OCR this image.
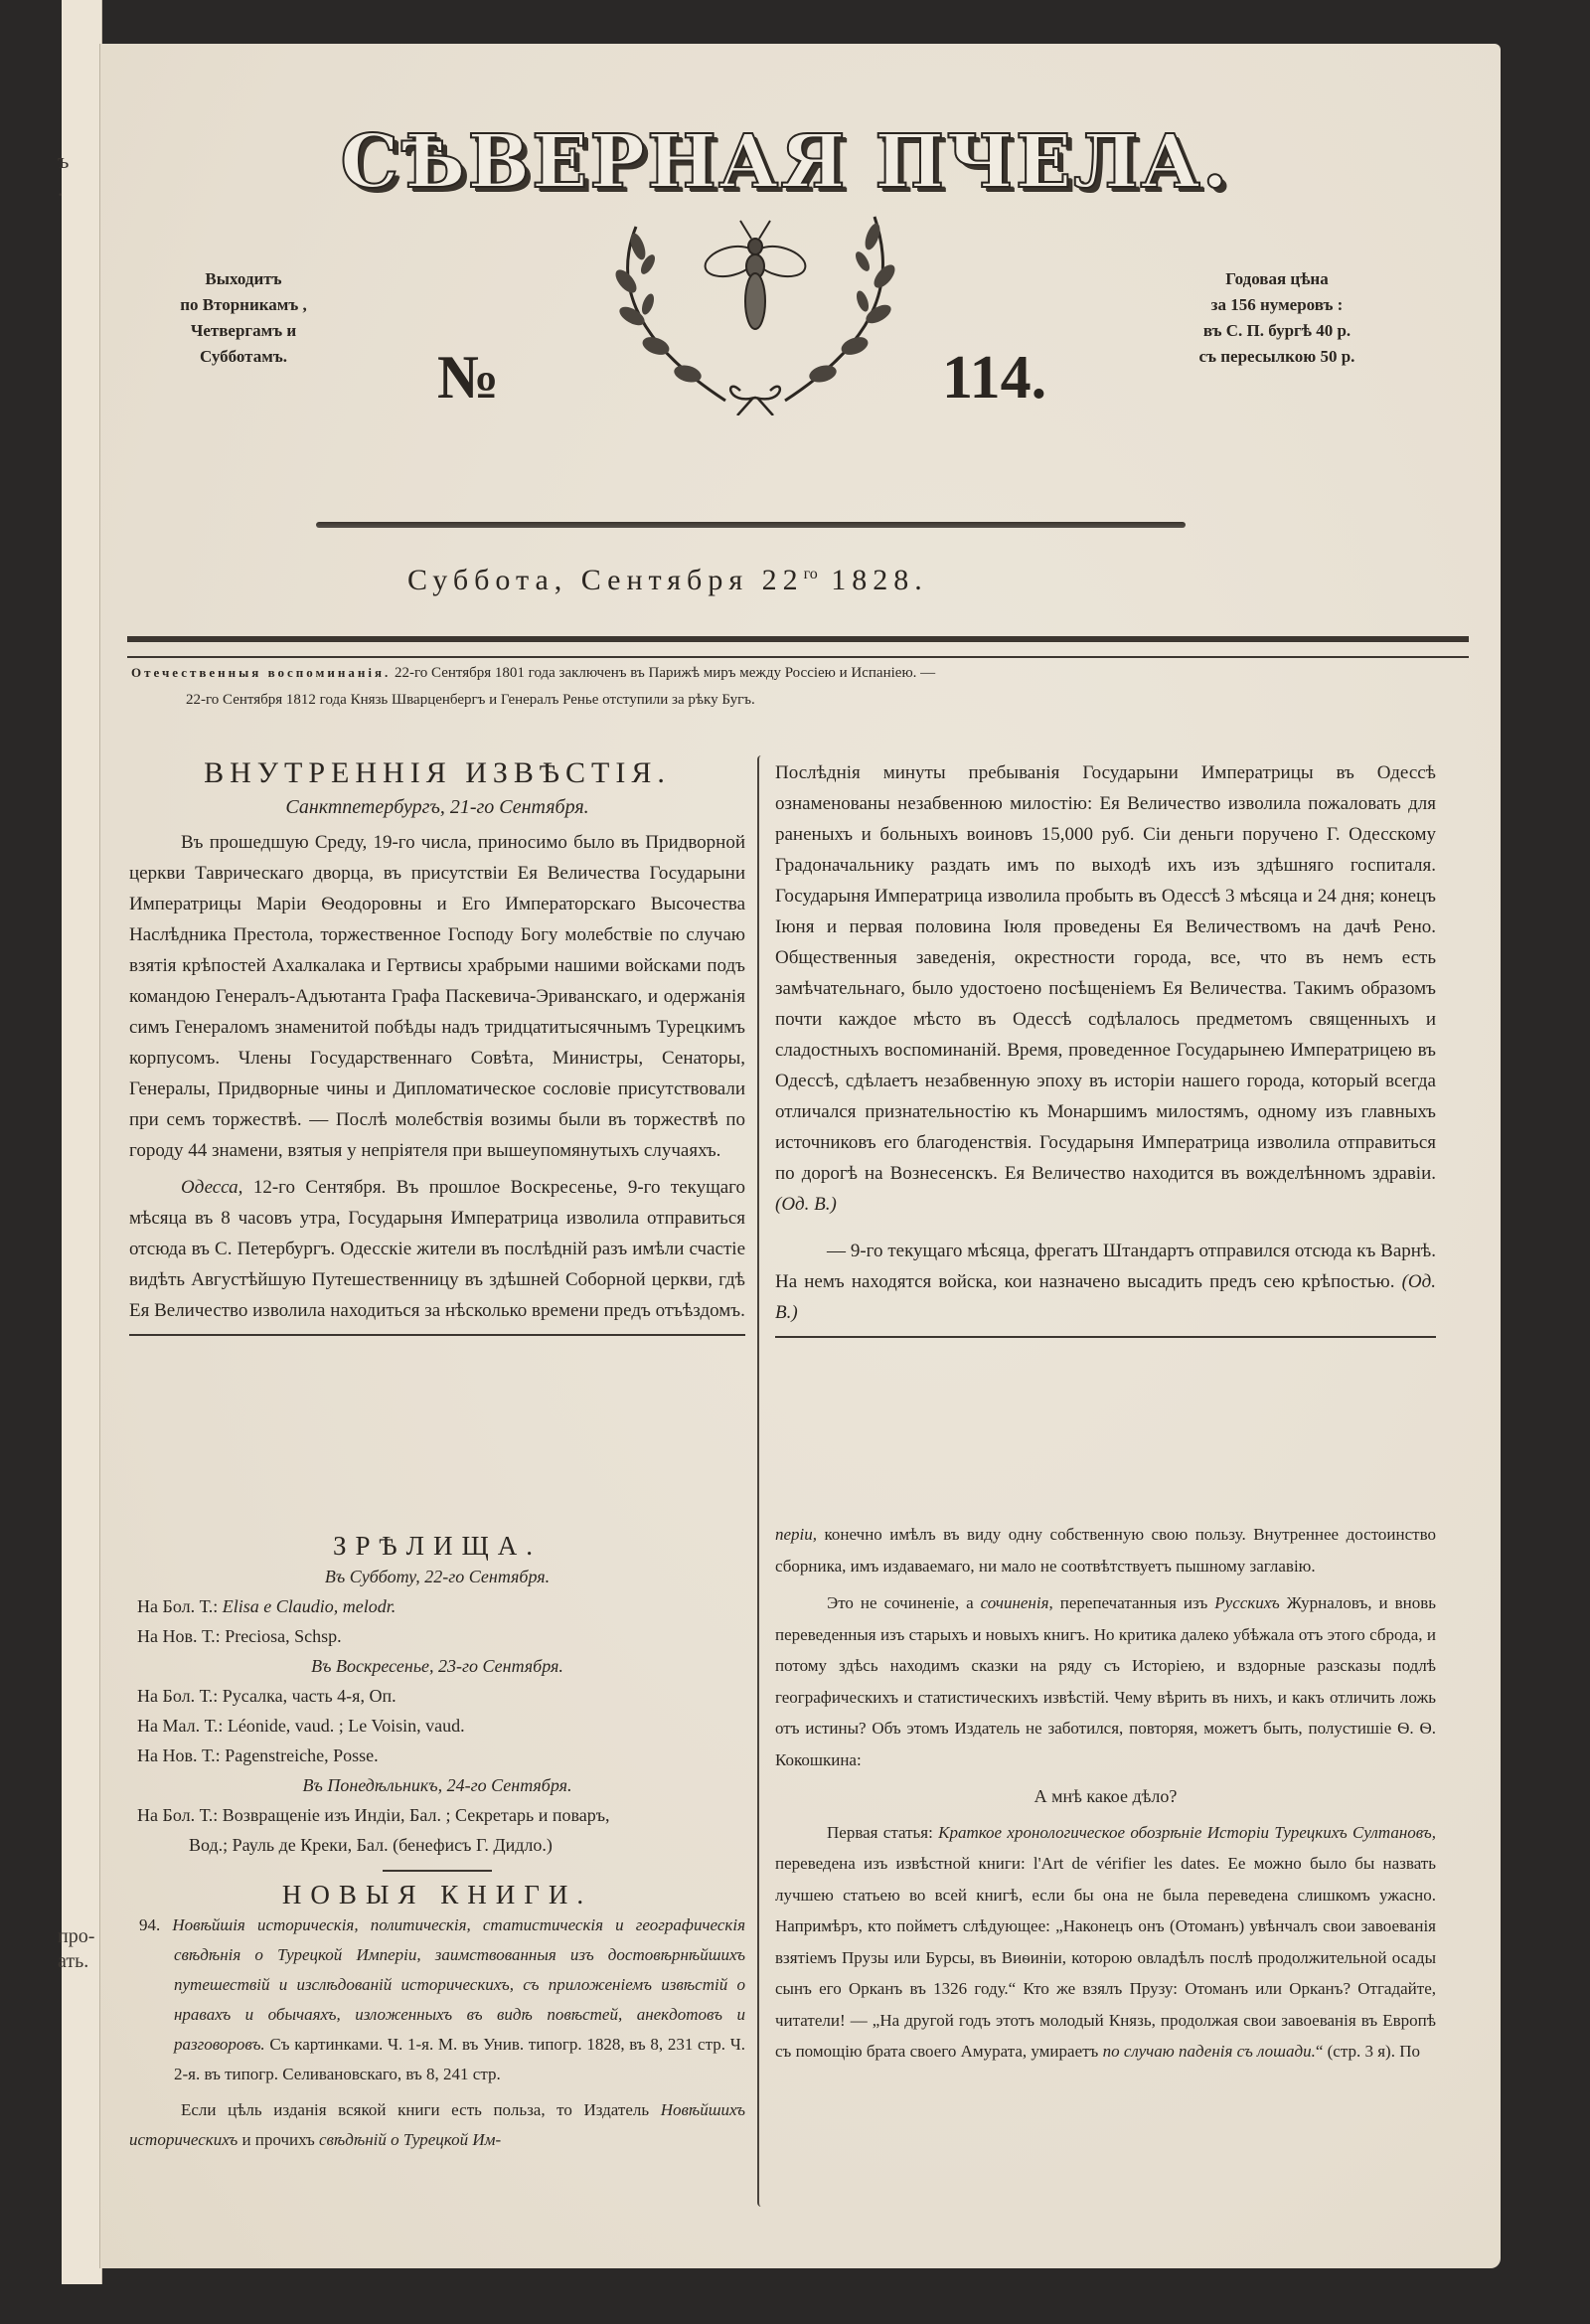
ъ
.
про-
ать.
СѢВЕРНАЯ ПЧЕЛА.
Выходитъ
по Вторникамъ ,
Четвергамъ и
Субботамъ.
Годовая цѣна
за 156 нумеровъ :
въ С. П. бургѣ 40 р.
съ пересылкою 50 р.
№	114.
Суббота, Сентября $22^{го}$ 1828.
Отечественныя воспоминанія. 22-го Сентября 1801 года заключенъ въ Парижѣ миръ между Россіею и Испаніею. —
22-го Сентября 1812 года Князь Шварценбергъ и Генералъ Ренье отступили за рѣку Бугъ.
ВНУТРЕННІЯ ИЗВѢСТІЯ.
Санктпетербургъ, 21-го Сентября.

Въ прошедшую Среду, 19-го числа, приносимо было въ Придворной церкви Таврическаго дворца, въ присутствіи Ея Величества Государыни Императрицы Маріи Ѳеодоровны и Его Императорскаго Высочества Наслѣдника Престола, торжественное Господу Богу молебствіе по случаю взятія крѣпостей Ахалкалака и Гертвисы храбрыми нашими войсками подъ командою Генералъ-Адъютанта Графа Паскевича-Эриванскаго, и одержанія симъ Генераломъ знаменитой побѣды надъ тридцатитысячнымъ Турецкимъ корпусомъ. Члены Государственнаго Совѣта, Министры, Сенаторы, Генералы, Придворные чины и Дипломатическое сословіе присутствовали при семъ торжествѣ. — Послѣ молебствія возимы были въ торжествѣ по городу 44 знамени, взятыя у непріятеля при вышеупомянутыхъ случаяхъ.

Одесса, 12-го Сентября. Въ прошлое Воскресенье, 9-го текущаго мѣсяца въ 8 часовъ утра, Государыня Императрица изволила отправиться отсюда въ С. Петербургъ. Одесскіе жители въ послѣдній разъ имѣли счастіе видѣть Августѣйшую Путешественницу въ здѣшней Соборной церкви, гдѣ Ея Величество изволила находиться за нѣсколько времени предъ отъѣздомъ.

Послѣднія минуты пребыванія Государыни Императрицы въ Одессѣ ознаменованы незабвенною милостію: Ея Величество изволила пожаловать для раненыхъ и больныхъ воиновъ 15,000 руб. Сіи деньги поручено Г. Одесскому Градоначальнику раздать имъ по выходѣ ихъ изъ здѣшняго госпиталя. Государыня Императрица изволила пробыть въ Одессѣ 3 мѣсяца и 24 дня; конецъ Іюня и первая половина Іюля проведены Ея Величествомъ на дачѣ Рено. Общественныя заведенія, окрестности города, все, что въ немъ есть замѣчательнаго, было удостоено посѣщеніемъ Ея Величества. Такимъ образомъ почти каждое мѣсто въ Одессѣ содѣлалось предметомъ священныхъ и сладостныхъ воспоминаній. Время, проведенное Государынею Императрицею въ Одессѣ, сдѣлаетъ незабвенную эпоху въ исторіи нашего города, который всегда отличался признательностію къ Монаршимъ милостямъ, одному изъ главныхъ источниковъ его благоденствія. Государыня Императрица изволила отправиться по дорогѣ на Вознесенскъ. Ея Величество находится въ вожделѣнномъ здравіи. (Од. В.)

— 9-го текущаго мѣсяца, фрегатъ Штандартъ отправился отсюда къ Варнѣ. На немъ находятся войска, кои назначено высадить предъ сею крѣпостью. (Од. В.)

ЗРѢЛИЩА.
Въ Субботу, 22-го Сентября.
На Бол. Т.: Elisa e Claudio, melodr.
На Нов. Т.: Preciosa, Schsp.
Въ Воскресенье, 23-го Сентября.
На Бол. Т.: Русалка, часть 4-я, Оп.
На Мал. Т.: Léonide, vaud. ; Le Voisin, vaud.
На Нов. Т.: Pagenstreiche, Posse.
Въ Понедѣльникъ, 24-го Сентября.
На Бол. Т.: Возвращеніе изъ Индіи, Бал. ; Секретарь и поваръ,
Вод.; Рауль де Креки, Бал. (бенефисъ Г. Дидло.)
НОВЫЯ КНИГИ.
94. Новѣйшія историческія, политическія, статистическія и географическія свѣдѣнія о Турецкой Имперіи, заимствованныя изъ достовѣрнѣйшихъ путешествій и изслѣдованій историческихъ, съ приложеніемъ извѣстій о нравахъ и обычаяхъ, изложенныхъ въ видѣ повѣстей, анекдотовъ и разговоровъ. Съ картинками. Ч. 1-я. М. въ Унив. типогр. 1828, въ 8, 231 стр. Ч. 2-я. въ типогр. Селивановскаго, въ 8, 241 стр.

Если цѣль изданія всякой книги есть польза, то Издатель Новѣйшихъ историческихъ и прочихъ свѣдѣній о Турецкой Им-

періи, конечно имѣлъ въ виду одну собственную свою пользу. Внутреннее достоинство сборника, имъ издаваемаго, ни мало не соотвѣтствуетъ пышному заглавію.

Это не сочиненіе, а сочиненія, перепечатанныя изъ Русскихъ Журналовъ, и вновь переведенныя изъ старыхъ и новыхъ книгъ. Но критика далеко убѣжала отъ этого сброда, и потому здѣсь находимъ сказки на ряду съ Исторіею, и вздорные разсказы подлѣ географическихъ и статистическихъ извѣстій. Чему вѣрить въ нихъ, и какъ отличить ложь отъ истины? Объ этомъ Издатель не заботился, повторяя, можетъ быть, полустишіе Ѳ. Ѳ. Кокошкина:

А мнѣ какое дѣло?

Первая статья: Краткое хронологическое обозрѣніе Исторіи Турецкихъ Султановъ, переведена изъ извѣстной книги: l'Art de vérifier les dates. Ее можно было бы назвать лучшею статьею во всей книгѣ, если бы она не была переведена слишкомъ ужасно. Напримѣръ, кто пойметъ слѣдующее: „Наконецъ онъ (Отоманъ) увѣнчалъ свои завоеванія взятіемъ Прузы или Бурсы, въ Виѳиніи, которою овладѣлъ послѣ продолжительной осады сынъ его Орканъ въ 1326 году.“ Кто же взялъ Прузу: Отоманъ или Орканъ? Отгадайте, читатели! — „На другой годъ этотъ молодый Князь, продолжая свои завоеванія въ Европѣ съ помощію брата своего Амурата, умираетъ по случаю паденія съ лошади.“ (стр. 3 я). По
